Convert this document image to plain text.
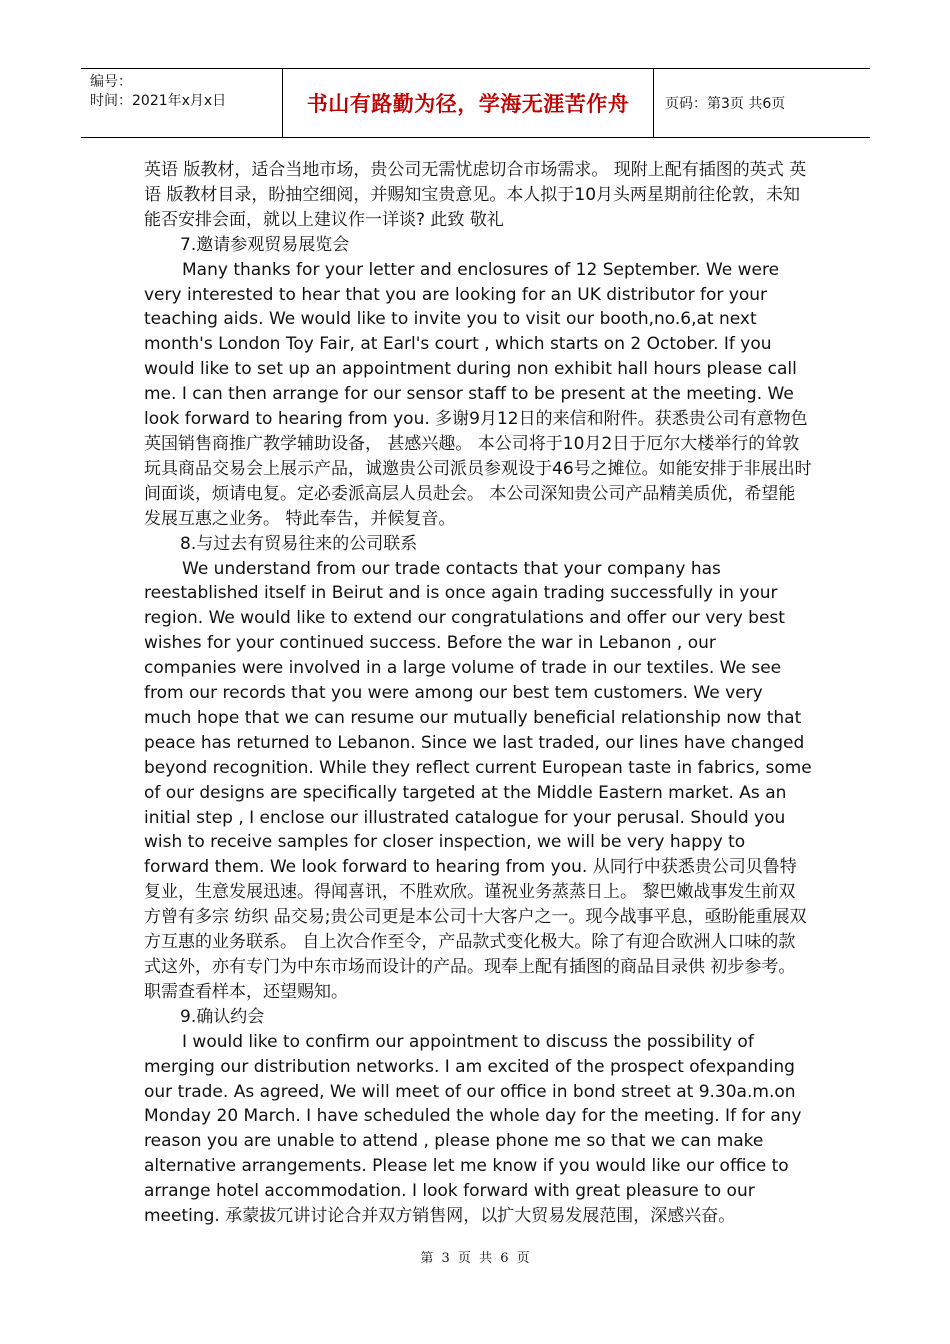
编号：
时间：2021年x月x日	书山有路勤为径，学海无涯苦作舟	页码：第3页 共6页

英语 版教材，适合当地市场，贵公司无需忧虑切合市场需求。 现附上配有插图的英式 英语 版教材目录，盼抽空细阅，并赐知宝贵意见。本人拟于10月头两星期前往伦敦，未知能否安排会面，就以上建议作一详谈? 此致 敬礼

7.邀请参观贸易展览会

Many thanks for your letter and enclosures of 12 September. We were very interested to hear that you are looking for an UK distributor for your teaching aids. We would like to invite you to visit our booth,no.6,at next month's London Toy Fair, at Earl's court , which starts on 2 October. If you would like to set up an appointment during non exhibit hall hours please call me. I can then arrange for our sensor staff to be present at the meeting. We look forward to hearing from you. 多谢9月12日的来信和附件。获悉贵公司有意物色英国销售商推广教学辅助设备， 甚感兴趣。 本公司将于10月2日于厄尔大楼举行的耸敦玩具商品交易会上展示产品，诚邀贵公司派员参观设于46号之摊位。如能安排于非展出时间面谈，烦请电复。定必委派高层人员赴会。 本公司深知贵公司产品精美质优，希望能发展互惠之业务。 特此奉告，并候复音。

8.与过去有贸易往来的公司联系

We understand from our trade contacts that your company has reestablished itself in Beirut and is once again trading successfully in your region. We would like to extend our congratulations and offer our very best wishes for your continued success. Before the war in Lebanon , our companies were involved in a large volume of trade in our textiles. We see from our records that you were among our best tem customers. We very much hope that we can resume our mutually beneficial relationship now that peace has returned to Lebanon. Since we last traded, our lines have changed beyond recognition. While they reflect current European taste in fabrics, some of our designs are specifically targeted at the Middle Eastern market. As an initial step , I enclose our illustrated catalogue for your perusal. Should you wish to receive samples for closer inspection, we will be very happy to forward them. We look forward to hearing from you. 从同行中获悉贵公司贝鲁特复业，生意发展迅速。得闻喜讯，不胜欢欣。谨祝业务蒸蒸日上。 黎巴嫩战事发生前双方曾有多宗 纺织 品交易;贵公司更是本公司十大客户之一。现今战事平息，亟盼能重展双方互惠的业务联系。 自上次合作至令，产品款式变化极大。除了有迎合欧洲人口味的款式这外，亦有专门为中东市场而设计的产品。现奉上配有插图的商品目录供 初步参考。职需查看样本，还望赐知。

9.确认约会

I would like to confirm our appointment to discuss the possibility of merging our distribution networks. I am excited of the prospect ofexpanding our trade. As agreed, We will meet of our office in bond street at 9.30a.m.on Monday 20 March. I have scheduled the whole day for the meeting. If for any reason you are unable to attend , please phone me so that we can make alternative arrangements. Please let me know if you would like our office to arrange hotel accommodation. I look forward with great pleasure to our meeting. 承蒙拔冗讲讨论合并双方销售网，以扩大贸易发展范围，深感兴奋。

第 3 页 共 6 页
